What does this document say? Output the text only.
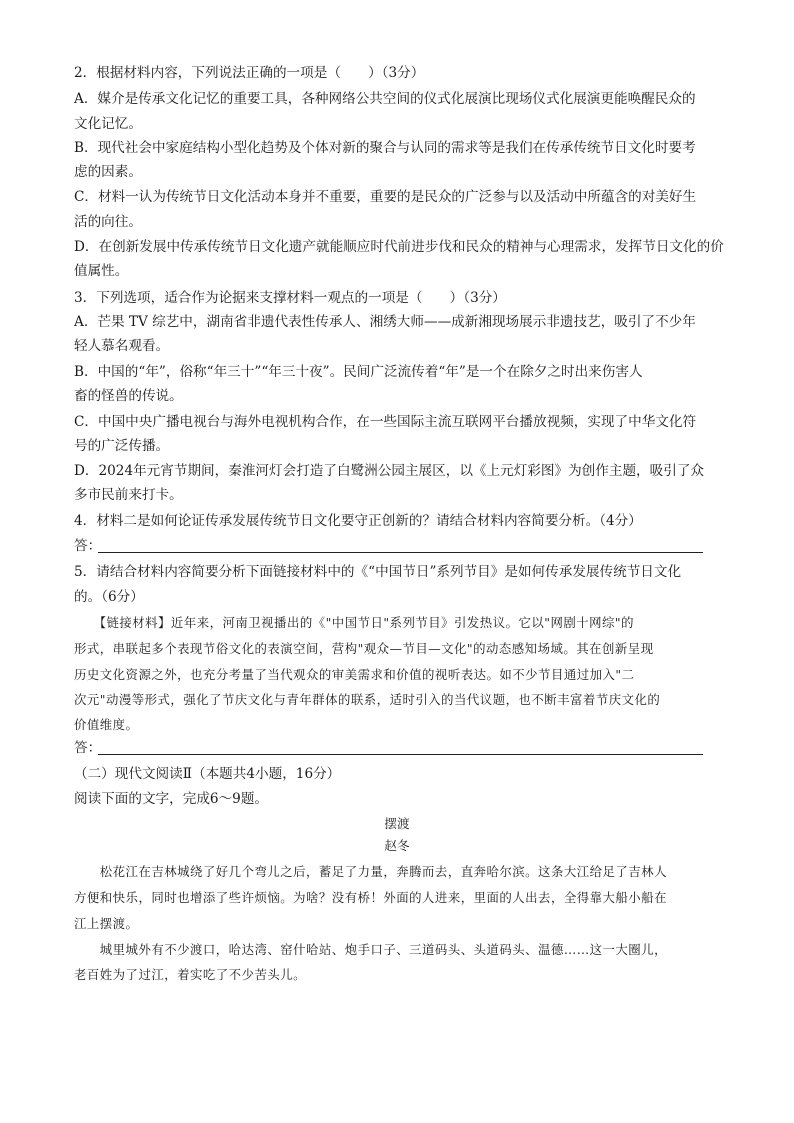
2．根据材料内容，下列说法正确的一项是（　　）（3分）
A．媒介是传承文化记忆的重要工具，各种网络公共空间的仪式化展演比现场仪式化展演更能唤醒民众的
文化记忆。
B．现代社会中家庭结构小型化趋势及个体对新的聚合与认同的需求等是我们在传承传统节日文化时要考
虑的因素。
C．材料一认为传统节日文化活动本身并不重要，重要的是民众的广泛参与以及活动中所蕴含的对美好生
活的向往。
D．在创新发展中传承传统节日文化遗产就能顺应时代前进步伐和民众的精神与心理需求，发挥节日文化的价
值属性。
3．下列选项，适合作为论据来支撑材料一观点的一项是（　　）（3分）
A．芒果 TV 综艺中，湖南省非遗代表性传承人、湘绣大师——成新湘现场展示非遗技艺，吸引了不少年
轻人慕名观看。
B．中国的“年”，俗称“年三十”“年三十夜”。民间广泛流传着“年”是一个在除夕之时出来伤害人
畜的怪兽的传说。
C．中国中央广播电视台与海外电视机构合作，在一些国际主流互联网平台播放视频，实现了中华文化符
号的广泛传播。
D．2024年元宵节期间，秦淮河灯会打造了白鹭洲公园主展区，以《上元灯彩图》为创作主题，吸引了众
多市民前来打卡。
4．材料二是如何论证传承发展传统节日文化要守正创新的？请结合材料内容简要分析。（4分）
答：
5．请结合材料内容简要分析下面链接材料中的《“中国节日”系列节目》是如何传承发展传统节日文化
的。（6分）
　　【链接材料】近年来，河南卫视播出的《"中国节日"系列节目》引发热议。它以"网剧十网综"的
形式，串联起多个表现节俗文化的表演空间，营构"观众—节目—文化"的动态感知场域。其在创新呈现
历史文化资源之外，也充分考量了当代观众的审美需求和价值的视听表达。如不少节目通过加入"二
次元"动漫等形式，强化了节庆文化与青年群体的联系，适时引入的当代议题，也不断丰富着节庆文化的
价值维度。
答：
（二）现代文阅读Ⅱ（本题共4小题，16分）
阅读下面的文字，完成6～9题。
摆渡
赵冬
　　松花江在吉林城绕了好几个弯儿之后，蓄足了力量，奔腾而去，直奔哈尔滨。这条大江给足了吉林人
方便和快乐，同时也增添了些许烦恼。为啥？没有桥！外面的人进来，里面的人出去，全得靠大船小船在
江上摆渡。
　　城里城外有不少渡口，哈达湾、窑什哈站、炮手口子、三道码头、头道码头、温德……这一大圈儿，
老百姓为了过江，着实吃了不少苦头儿。
